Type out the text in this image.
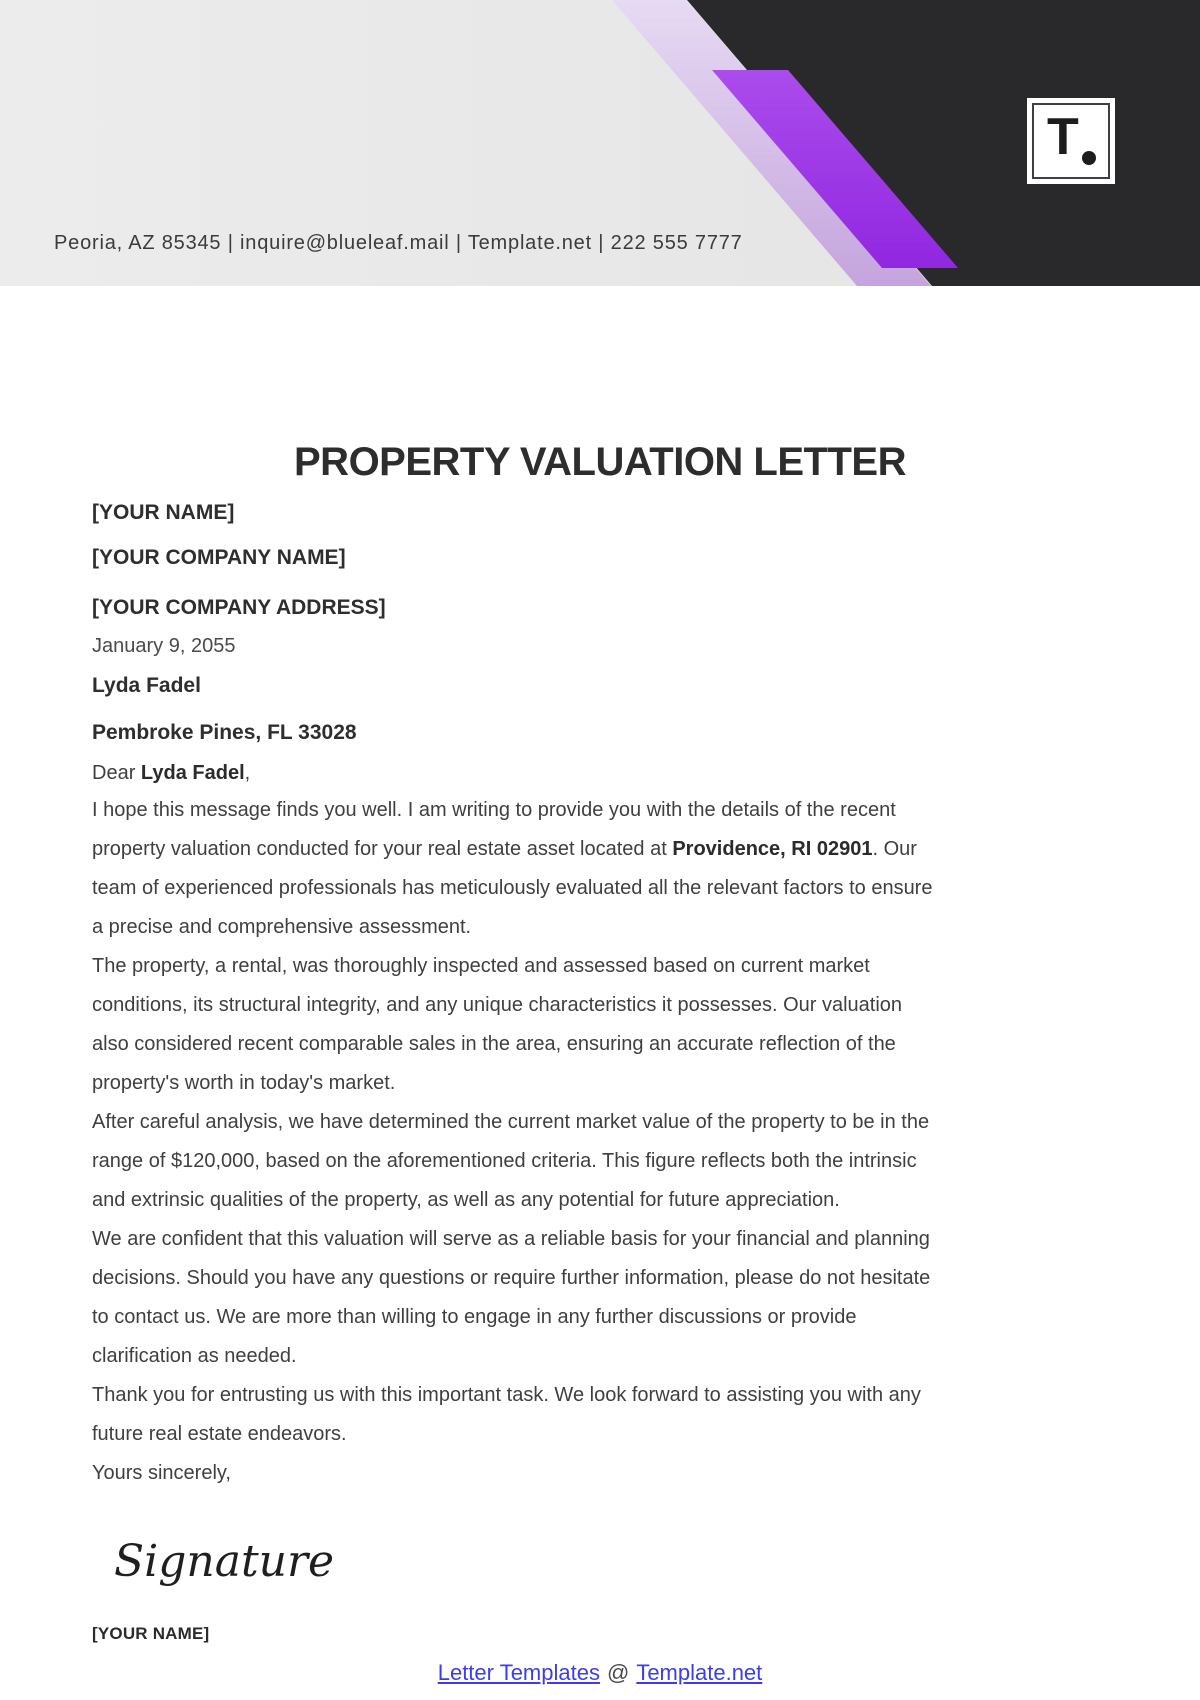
Peoria, AZ 85345 | inquire@blueleaf.mail | Template.net | 222 555 7777
T
PROPERTY VALUATION LETTER
[YOUR NAME]
[YOUR COMPANY NAME]
[YOUR COMPANY ADDRESS]
January 9, 2055
Lyda Fadel
Pembroke Pines, FL 33028
Dear Lyda Fadel,
I hope this message finds you well. I am writing to provide you with the details of the recent
property valuation conducted for your real estate asset located at Providence, RI 02901. Our
team of experienced professionals has meticulously evaluated all the relevant factors to ensure
a precise and comprehensive assessment.
The property, a rental, was thoroughly inspected and assessed based on current market
conditions, its structural integrity, and any unique characteristics it possesses. Our valuation
also considered recent comparable sales in the area, ensuring an accurate reflection of the
property's worth in today's market.
After careful analysis, we have determined the current market value of the property to be in the
range of $120,000, based on the aforementioned criteria. This figure reflects both the intrinsic
and extrinsic qualities of the property, as well as any potential for future appreciation.
We are confident that this valuation will serve as a reliable basis for your financial and planning
decisions. Should you have any questions or require further information, please do not hesitate
to contact us. We are more than willing to engage in any further discussions or provide
clarification as needed.
Thank you for entrusting us with this important task. We look forward to assisting you with any
future real estate endeavors.
Yours sincerely,
Signature
[YOUR NAME]
Letter Templates @ Template.net
